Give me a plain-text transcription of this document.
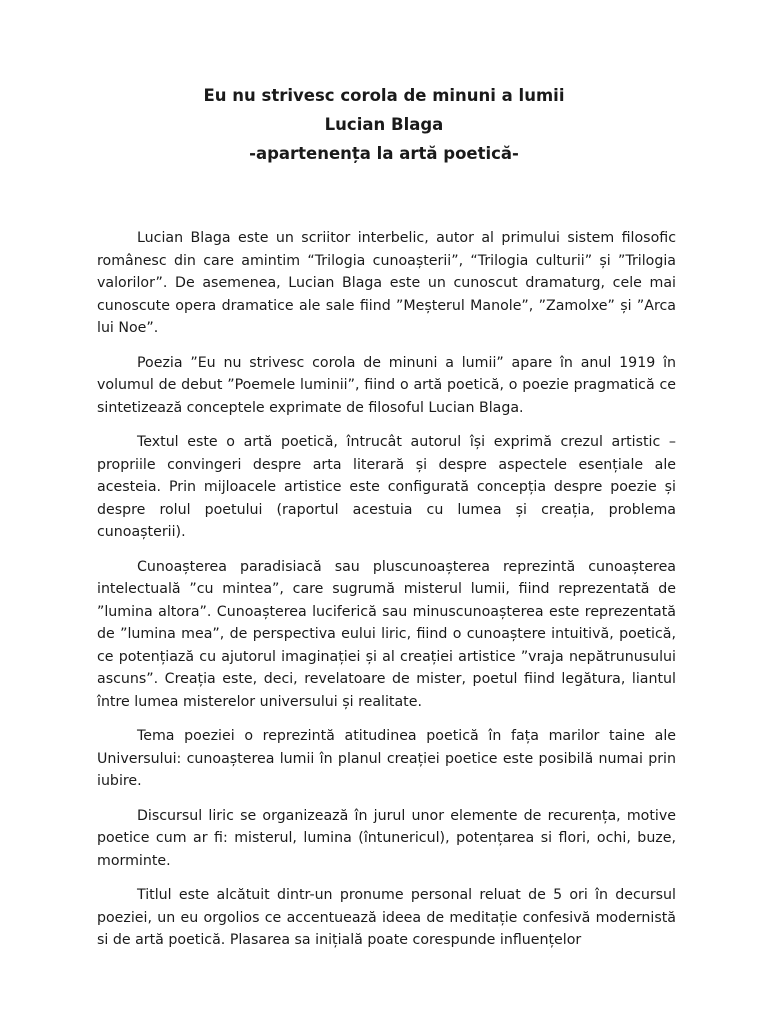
Eu nu strivesc corola de minuni a lumii
Lucian Blaga
-apartenența la artă poetică-

Lucian Blaga este un scriitor interbelic, autor al primului sistem filosofic românesc din care amintim “Trilogia cunoașterii”, “Trilogia culturii” și ”Trilogia valorilor”. De asemenea, Lucian Blaga este un cunoscut dramaturg, cele mai cunoscute opera dramatice ale sale fiind ”Meșterul Manole”, ”Zamolxe” și ”Arca lui Noe”.

Poezia ”Eu nu strivesc corola de minuni a lumii” apare în anul 1919 în volumul de debut ”Poemele luminii”, fiind o artă poetică, o poezie pragmatică ce sintetizează conceptele exprimate de filosoful Lucian Blaga.

Textul este o artă poetică, întrucât autorul își exprimă crezul artistic – propriile convingeri despre arta literară și despre aspectele esențiale ale acesteia. Prin mijloacele artistice este configurată concepția despre poezie și despre rolul poetului (raportul acestuia cu lumea și creația, problema cunoașterii).

Cunoașterea paradisiacă sau pluscunoașterea reprezintă cunoașterea intelectuală ”cu mintea”, care sugrumă misterul lumii, fiind reprezentată de ”lumina altora”. Cunoașterea luciferică sau minuscunoașterea este reprezentată de ”lumina mea”, de perspectiva eului liric, fiind o cunoaștere intuitivă, poetică, ce potențiază cu ajutorul imaginației și al creației artistice ”vraja nepătrunusului ascuns”. Creația este, deci, revelatoare de mister, poetul fiind legătura, liantul între lumea misterelor universului și realitate.

Tema poeziei o reprezintă atitudinea poetică în fața marilor taine ale Universului: cunoașterea lumii în planul creației poetice este posibilă numai prin iubire.

Discursul liric se organizează în jurul unor elemente de recurența, motive poetice cum ar fi: misterul, lumina (întunericul), potențarea si flori, ochi, buze, morminte.

Titlul este alcătuit dintr-un pronume personal reluat de 5 ori în decursul poeziei, un eu orgolios ce accentuează ideea de meditație confesivă modernistă si de artă poetică. Plasarea sa inițială poate corespunde influențelor
